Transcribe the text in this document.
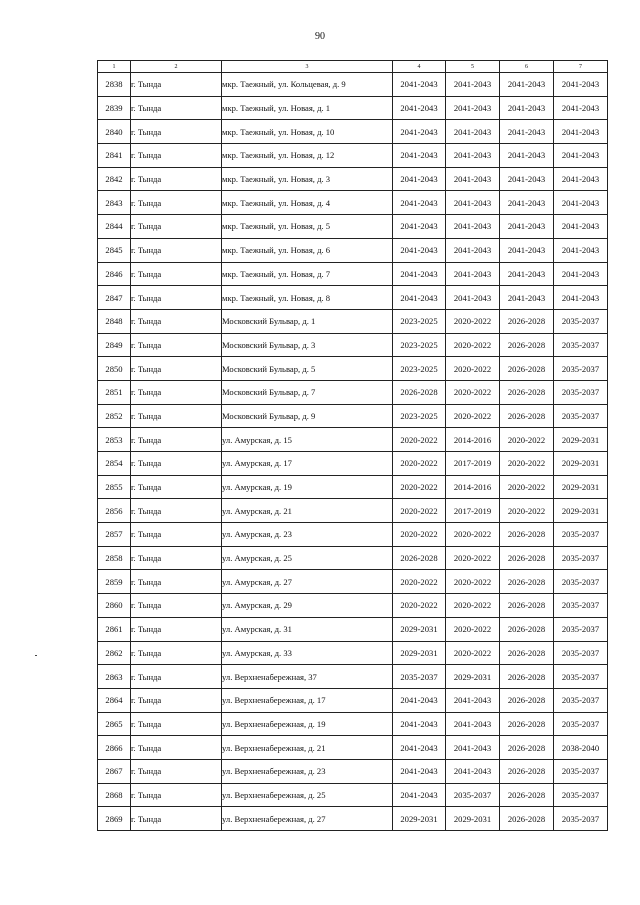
90
1	2	3	4	5	6	7
2838	г. Тында	мкр. Таежный, ул. Кольцевая, д. 9	2041-2043	2041-2043	2041-2043	2041-2043
2839	г. Тында	мкр. Таежный, ул. Новая, д. 1	2041-2043	2041-2043	2041-2043	2041-2043
2840	г. Тында	мкр. Таежный, ул. Новая, д. 10	2041-2043	2041-2043	2041-2043	2041-2043
2841	г. Тында	мкр. Таежный, ул. Новая, д. 12	2041-2043	2041-2043	2041-2043	2041-2043
2842	г. Тында	мкр. Таежный, ул. Новая, д. 3	2041-2043	2041-2043	2041-2043	2041-2043
2843	г. Тында	мкр. Таежный, ул. Новая, д. 4	2041-2043	2041-2043	2041-2043	2041-2043
2844	г. Тында	мкр. Таежный, ул. Новая, д. 5	2041-2043	2041-2043	2041-2043	2041-2043
2845	г. Тында	мкр. Таежный, ул. Новая, д. 6	2041-2043	2041-2043	2041-2043	2041-2043
2846	г. Тында	мкр. Таежный, ул. Новая, д. 7	2041-2043	2041-2043	2041-2043	2041-2043
2847	г. Тында	мкр. Таежный, ул. Новая, д. 8	2041-2043	2041-2043	2041-2043	2041-2043
2848	г. Тында	Московский Бульвар, д. 1	2023-2025	2020-2022	2026-2028	2035-2037
2849	г. Тында	Московский Бульвар, д. 3	2023-2025	2020-2022	2026-2028	2035-2037
2850	г. Тында	Московский Бульвар, д. 5	2023-2025	2020-2022	2026-2028	2035-2037
2851	г. Тында	Московский Бульвар, д. 7	2026-2028	2020-2022	2026-2028	2035-2037
2852	г. Тында	Московский Бульвар, д. 9	2023-2025	2020-2022	2026-2028	2035-2037
2853	г. Тында	ул. Амурская, д. 15	2020-2022	2014-2016	2020-2022	2029-2031
2854	г. Тында	ул. Амурская, д. 17	2020-2022	2017-2019	2020-2022	2029-2031
2855	г. Тында	ул. Амурская, д. 19	2020-2022	2014-2016	2020-2022	2029-2031
2856	г. Тында	ул. Амурская, д. 21	2020-2022	2017-2019	2020-2022	2029-2031
2857	г. Тында	ул. Амурская, д. 23	2020-2022	2020-2022	2026-2028	2035-2037
2858	г. Тында	ул. Амурская, д. 25	2026-2028	2020-2022	2026-2028	2035-2037
2859	г. Тында	ул. Амурская, д. 27	2020-2022	2020-2022	2026-2028	2035-2037
2860	г. Тында	ул. Амурская, д. 29	2020-2022	2020-2022	2026-2028	2035-2037
2861	г. Тында	ул. Амурская, д. 31	2029-2031	2020-2022	2026-2028	2035-2037
2862	г. Тында	ул. Амурская, д. 33	2029-2031	2020-2022	2026-2028	2035-2037
2863	г. Тында	ул. Верхненабережная, 37	2035-2037	2029-2031	2026-2028	2035-2037
2864	г. Тында	ул. Верхненабережная, д. 17	2041-2043	2041-2043	2026-2028	2035-2037
2865	г. Тында	ул. Верхненабережная, д. 19	2041-2043	2041-2043	2026-2028	2035-2037
2866	г. Тында	ул. Верхненабережная, д. 21	2041-2043	2041-2043	2026-2028	2038-2040
2867	г. Тында	ул. Верхненабережная, д. 23	2041-2043	2041-2043	2026-2028	2035-2037
2868	г. Тында	ул. Верхненабережная, д. 25	2041-2043	2035-2037	2026-2028	2035-2037
2869	г. Тында	ул. Верхненабережная, д. 27	2029-2031	2029-2031	2026-2028	2035-2037
